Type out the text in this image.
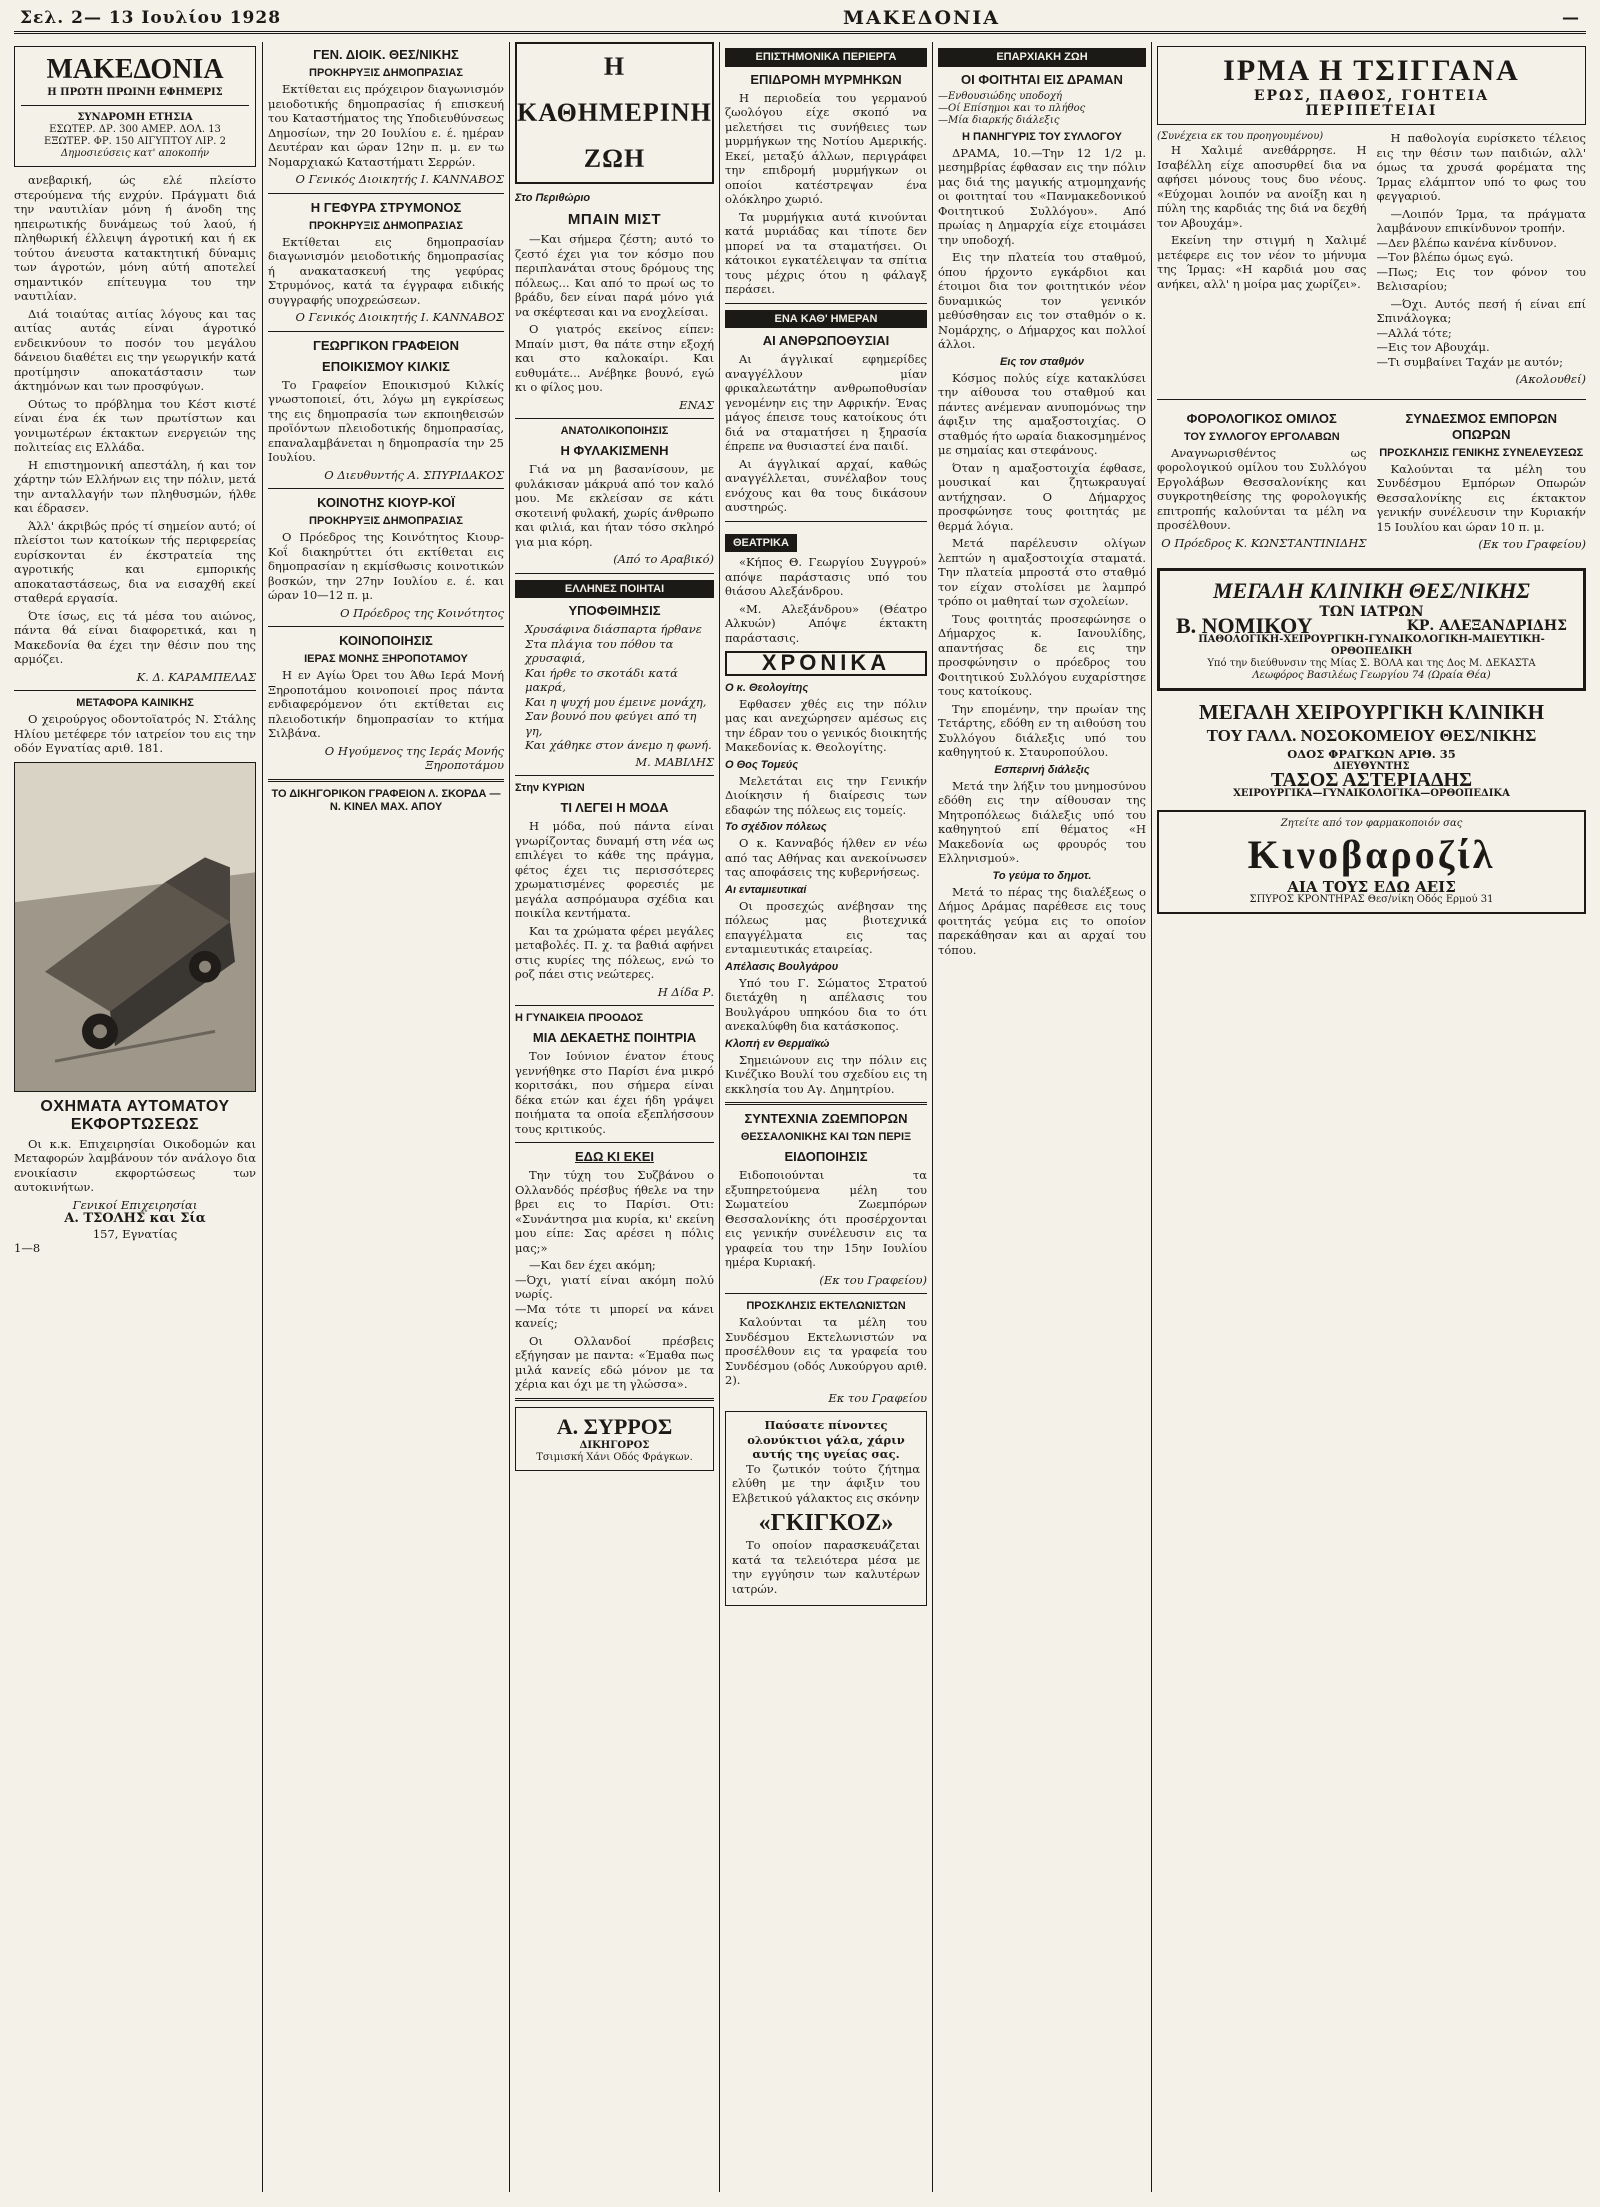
Σελ. 2— 13 Ιουλίου 1928	ΜΑΚΕΔΟΝΙΑ	—
ΜΑΚΕΔΟΝΙΑ
Η ΠΡΩΤΗ ΠΡΩΙΝΗ ΕΦΗΜΕΡΙΣ
ΣΥΝΔΡΟΜΗ ΕΤΗΣΙΑ
ΕΣΩΤΕΡ. ΔΡ. 300 ΑΜΕΡ. ΔΟΛ. 13
ΕΞΩΤΕΡ. ΦΡ. 150 ΑΙΓΥΠΤΟΥ ΛΙΡ. 2
Δημοσιεύσεις κατ' αποκοπήν

ανεβαρική, ώς ελέ πλείστο στερούμενα τής ενχρύν. Πράγματι διά την ναυτιλίαν μόνη ή άνοδη της ηπειρωτικής δυνάμεως τού λαού, ή πληθωρική έλλειψη άγροτική και ή εκ τούτου άνευστα κατακτητική δύναμις των άγροτών, μόνη αύτή αποτελεί σημαντικόν επίτευγμα του την ναυτιλίαν.

Διά τοιαύτας αιτίας λόγους και τας αιτίας αυτάς είναι άγροτικό ενδεικνύουν το ποσόν του μεγάλου δάνειου διαθέτει εις την γεωργικήν κατά προτίμησιν αποκατάστασιν των άκτημόνων και των προσφύγων.

Ούτως το πρόβλημα του Κέστ κιστέ είναι ένα έκ των πρωτίστων και γονιμωτέρων έκτακτων ενεργειών της πολιτείας εις Ελλάδα.

Η επιστημονική απεστάλη, ή και τον χάρτην τών Ελλήνων εις την πόλιν, μετά την ανταλλαγήν των πληθυσμών, ήλθε και έδρασεν.

Άλλ' άκριβώς πρός τί σημείον αυτό; οί πλείστοι των κατοίκων τής περιφερείας ευρίσκονται έν έκστρατεία της αγροτικής και εμπορικής αποκαταστάσεως, δια να εισαχθή εκεί σταθερά εργασία.

Ότε ίσως, εις τά μέσα του αιώνος, πάντα θά είναι διαφορετικά, και η Μακεδονία θα έχει την θέσιν που της αρμόζει.

Κ. Δ. ΚΑΡΑΜΠΕΛΑΣ
ΜΕΤΑΦΟΡΑ ΚΑΙΝΙΚΗΣ

Ο χειρούργος οδοντοϊατρός Ν. Στάλης Ηλίου μετέφερε τόν ιατρείον του εις την οδόν Εγνατίας αριθ. 181.

ΟΧΗΜΑΤΑ ΑΥΤΟΜΑΤΟΥ ΕΚΦΟΡΤΩΣΕΩΣ

Οι κ.κ. Επιχειρησίαι Οικοδομών και Μεταφορών λαμβάνουν τόν ανάλογο δια ενοικίασιν εκφορτώσεως των αυτοκινήτων.

Γενικοί Επιχειρησίαι
Α. ΤΣΟΛΗΣ και Σία
157, Εγνατίας
1—8
ΓΕΝ. ΔΙΟΙΚ. ΘΕΣ/ΝΙΚΗΣ
ΠΡΟΚΗΡΥΞΙΣ ΔΗΜΟΠΡΑΣΙΑΣ

Εκτίθεται εις πρόχειρον διαγωνισμόν μειοδοτικής δημοπρασίας ή επισκευή του Καταστήματος της Υποδιευθύνσεως Δημοσίων, την 20 Ιουλίου ε. έ. ημέραν Δευτέραν και ώραν 12ην π. μ. εν τω Νομαρχιακώ Καταστήματι Σερρών.

Ο Γενικός Διοικητής Ι. ΚΑΝΝΑΒΟΣ
Η ΓΕΦΥΡΑ ΣΤΡΥΜΟΝΟΣ
ΠΡΟΚΗΡΥΞΙΣ ΔΗΜΟΠΡΑΣΙΑΣ

Εκτίθεται εις δημοπρασίαν διαγωνισμόν μειοδοτικής δημοπρασίας ή ανακατασκευή της γεφύρας Στρυμόνος, κατά τα έγγραφα ειδικής συγγραφής υποχρεώσεων.

Ο Γενικός Διοικητής Ι. ΚΑΝΝΑΒΟΣ
ΓΕΩΡΓΙΚΟΝ ΓΡΑΦΕΙΟΝ
ΕΠΟΙΚΙΣΜΟΥ ΚΙΛΚΙΣ

Το Γραφείον Εποικισμού Κιλκίς γνωστοποιεί, ότι, λόγω μη εγκρίσεως της εις δημοπρασία των εκποιηθεισών προϊόντων πλειοδοτικής δημοπρασίας, επαναλαμβάνεται η δημοπρασία την 25 Ιουλίου.

Ο Διευθυντής Α. ΣΠΥΡΙΔΑΚΟΣ
ΚΟΙΝΟΤΗΣ ΚΙΟΥΡ-ΚΟΪ
ΠΡΟΚΗΡΥΞΙΣ ΔΗΜΟΠΡΑΣΙΑΣ

Ο Πρόεδρος της Κοινότητος Κιουρ-Κοΐ διακηρύττει ότι εκτίθεται εις δημοπρασίαν η εκμίσθωσις κοινοτικών βοσκών, την 27ην Ιουλίου ε. έ. και ώραν 10—12 π. μ.

Ο Πρόεδρος της Κοινότητος
ΚΟΙΝΟΠΟΙΗΣΙΣ
ΙΕΡΑΣ ΜΟΝΗΣ ΞΗΡΟΠΟΤΑΜΟΥ

Η εν Αγίω Όρει του Άθω Ιερά Μονή Ξηροποτάμου κοινοποιεί προς πάντα ενδιαφερόμενον ότι εκτίθεται εις πλειοδοτικήν δημοπρασίαν το κτήμα Σιλβάνα.

Ο Ηγούμενος της Ιεράς Μονής Ξηροποτάμου
ΤΟ ΔΙΚΗΓΟΡΙΚΟΝ ΓΡΑΦΕΙΟΝ Λ. ΣΚΟΡΔΑ — Ν. ΚΙΝΕΛ ΜΑΧ. ΑΠΟΥ
Η ΚΑΘΗΜΕΡΙΝΗ ΖΩΗ
Στο Περιθώριο
ΜΠΑΙΝ ΜΙΣΤ

—Και σήμερα ζέστη; αυτό το ζεστό έχει για τον κόσμο που περιπλανάται στους δρόμους της πόλεως... Και από το πρωί ως το βράδυ, δεν είναι παρά μόνο γιά να σκέφτεσαι και να ενοχλείσαι.

Ο γιατρός εκείνος είπεν: Μπαίν μιστ, θα πάτε στην εξοχή και στο καλοκαίρι. Και ευθυμάτε... Ανέβηκε βουνό, εγώ κι ο φίλος μου.

ΕΝΑΣ
ΑΝΑΤΟΛΙΚΟΠΟΙΗΣΙΣ
Η ΦΥΛΑΚΙΣΜΕΝΗ

Γιά να μη βασανίσουν, με φυλάκισαν μάκρυά από τον καλό μου. Με εκλείσαν σε κάτι σκοτεινή φυλακή, χωρίς άνθρωπο και φιλιά, και ήταν τόσο σκληρό για μια κόρη.

(Από το Αραβικό)
ΕΛΛΗΝΕΣ ΠΟΙΗΤΑΙ
ΥΠΟΦΘΙΜΗΣΙΣ
Χρυσάφινα διάσπαρτα ήρθανε
Στα πλάγια του πόθου τα χρυσαφιά,
Και ήρθε το σκοτάδι κατά μακρά,
Και η ψυχή μου έμεινε μονάχη,
Σαν βουνό που φεύγει από τη γη,
Και χάθηκε στον άνεμο η φωνή.
Μ. ΜΑΒΙΛΗΣ
Στην ΚΥΡΙΩΝ
ΤΙ ΛΕΓΕΙ Η ΜΟΔΑ

Η μόδα, πού πάντα είναι γνωρίζοντας δυναμή στη νέα ως επιλέγει το κάθε της πράγμα, φέτος έχει τις περισσότερες χρωματισμένες φορεσιές με μεγάλα ασπρόμαυρα σχέδια και ποικίλα κεντήματα.

Και τα χρώματα φέρει μεγάλες μεταβολές. Π. χ. τα βαθιά αφήνει στις κυρίες της πόλεως, ενώ το ροζ πάει στις νεώτερες.

Η Δίδα Ρ.
Η ΓΥΝΑΙΚΕΙΑ ΠΡΟΟΔΟΣ
ΜΙΑ ΔΕΚΑΕΤΗΣ ΠΟΙΗΤΡΙΑ

Τον Ιούνιον ένατον έτους γεννήθηκε στο Παρίσι ένα μικρό κοριτσάκι, που σήμερα είναι δέκα ετών και έχει ήδη γράψει ποιήματα τα οποία εξεπλήσσουν τους κριτικούς.

ΕΔΩ ΚΙ ΕΚΕΙ

Την τύχη του Συζβάνου ο Ολλανδός πρέσβυς ήθελε να την βρει εις το Παρίσι. Οτι: «Συνάντησα μια κυρία, κι' εκείνη μου είπε: Σας αρέσει η πόλις μας;»

—Και δεν έχει ακόμη;
—Όχι, γιατί είναι ακόμη πολύ νωρίς.
—Μα τότε τι μπορεί να κάνει κανείς;

Οι Ολλανδοί πρέσβεις εξήγησαν με παντα: «Έμαθα πως μιλά κανείς εδώ μόνον με τα χέρια και όχι με τη γλώσσα».

Α. ΣΥΡΡΟΣ
ΔΙΚΗΓΟΡΟΣ
Τσιμισκή Χάνι Οδός Φράγκων.
ΕΠΙΣΤΗΜΟΝΙΚΑ ΠΕΡΙΕΡΓΑ
ΕΠΙΔΡΟΜΗ ΜΥΡΜΗΚΩΝ

Η περιοδεία του γερμανού ζωολόγου είχε σκοπό να μελετήσει τις συνήθειες των μυρμήγκων της Νοτίου Αμερικής. Εκεί, μεταξύ άλλων, περιγράφει την επιδρομή μυρμήγκων οι οποίοι κατέστρεψαν ένα ολόκληρο χωριό.

Τα μυρμήγκια αυτά κινούνται κατά μυριάδας και τίποτε δεν μπορεί να τα σταματήσει. Οι κάτοικοι εγκατέλειψαν τα σπίτια τους μέχρις ότου η φάλαγξ περάσει.

ΕΝΑ ΚΑΘ' ΗΜΕΡΑΝ
ΑΙ ΑΝΘΡΩΠΟΘΥΣΙΑΙ

Αι άγγλικαί εφημερίδες αναγγέλλουν μίαν φρικαλεωτάτην ανθρωποθυσίαν γενομένην εις την Αφρικήν. Ένας μάγος έπεισε τους κατοίκους ότι διά να σταματήσει η ξηρασία έπρεπε να θυσιαστεί ένα παιδί.

Αι άγγλικαί αρχαί, καθώς αναγγέλλεται, συνέλαβον τους ενόχους και θα τους δικάσουν αυστηρώς.

ΘΕΑΤΡΙΚΑ

«Κήπος Θ. Γεωργίου Συγγρού» απόψε παράστασις υπό του θιάσου Αλεξάνδρου.

«Μ. Αλεξάνδρου» (Θέατρο Αλκυών) Απόψε έκτακτη παράστασις.

ΧΡΟΝΙΚΑ
Ο κ. Θεολογίτης

Εφθασεν χθές εις την πόλιν μας και ανεχώρησεν αμέσως εις την έδραν του ο γενικός διοικητής Μακεδονίας κ. Θεολογίτης.

Ο Θος Τομεύς

Μελετάται εις την Γενικήν Διοίκησιν ή διαίρεσις των εδαφών της πόλεως εις τομείς.

Το σχέδιον πόλεως

Ο κ. Κανναβός ήλθεν εν νέω από τας Αθήνας και ανεκοίνωσεν τας αποφάσεις της κυβερνήσεως.

Αι ενταμιευτικαί

Οι προσεχώς ανέβησαν της πόλεως μας βιοτεχνικά επαγγέλματα εις τας ενταμιευτικάς εταιρείας.

Απέλασις Βουλγάρου

Υπό του Γ. Σώματος Στρατού διετάχθη η απέλασις του Βουλγάρου υπηκόου δια το ότι ανεκαλύφθη δια κατάσκοπος.

Κλοπή εν Θερμαϊκώ

Σημειώνουν εις την πόλιν εις Κινέζικο Βουλί του σχεδίου εις τη εκκλησία του Αγ. Δημητρίου.

ΣΥΝΤΕΧΝΙΑ ΖΩΕΜΠΟΡΩΝ
ΘΕΣΣΑΛΟΝΙΚΗΣ ΚΑΙ ΤΩΝ ΠΕΡΙΞ
ΕΙΔΟΠΟΙΗΣΙΣ

Ειδοποιούνται τα εξυπηρετούμενα μέλη του Σωματείου Ζωεμπόρων Θεσσαλονίκης ότι προσέρχονται εις γενικήν συνέλευσιν εις τα γραφεία του την 15ην Ιουλίου ημέρα Κυριακή.

(Εκ του Γραφείου)
ΠΡΟΣΚΛΗΣΙΣ ΕΚΤΕΛΩΝΙΣΤΩΝ

Καλούνται τα μέλη του Συνδέσμου Εκτελωνιστών να προσέλθουν εις τα γραφεία του Συνδέσμου (οδός Λυκούργου αριθ. 2).

Εκ του Γραφείου

Παύσατε πίνοντες ολονύκτιοι γάλα, χάριν αυτής της υγείας σας.

Το ζωτικόν τούτο ζήτημα ελύθη με την άφιξιν του Ελβετικού γάλακτος εις σκόνην

«ΓΚΙΓΚΟΖ»

Το οποίον παρασκευάζεται κατά τα τελειότερα μέσα με την εγγύησιν των καλυτέρων ιατρών.

ΕΠΑΡΧΙΑΚΗ ΖΩΗ
ΟΙ ΦΟΙΤΗΤΑΙ ΕΙΣ ΔΡΑΜΑΝ
—Ενθουσιώδης υποδοχή
—Οί Επίσημοι και το πλήθος
—Μία διαρκής διάλεξις
Η ΠΑΝΗΓΥΡΙΣ ΤΟΥ ΣΥΛΛΟΓΟΥ

ΔΡΑΜΑ, 10.—Την 12 1/2 μ. μεσημβρίας έφθασαν εις την πόλιν μας διά της μαγικής ατμομηχανής οι φοιτηταί του «Πανμακεδονικού Φοιτητικού Συλλόγου». Από πρωίας η Δημαρχία είχε ετοιμάσει την υποδοχή.

Εις την πλατεία του σταθμού, όπου ήρχοντο εγκάρδιοι και έτοιμοι δια τον φοιτητικόν νέον δυναμικώς τον γενικόν μεθύσθησαν εις τον σταθμόν ο κ. Νομάρχης, ο Δήμαρχος και πολλοί άλλοι.

Εις τον σταθμόν

Κόσμος πολύς είχε κατακλύσει την αίθουσα του σταθμού και πάντες ανέμεναν ανυπομόνως την άφιξιν της αμαξοστοιχίας. Ο σταθμός ήτο ωραία διακοσμημένος με σημαίας και στεφάνους.

Όταν η αμαξοστοιχία έφθασε, μουσικαί και ζητωκραυγαί αντήχησαν. Ο Δήμαρχος προσφώνησε τους φοιτητάς με θερμά λόγια.

Μετά παρέλευσιν ολίγων λεπτών η αμαξοστοιχία σταματά. Την πλατεία μπροστά στο σταθμό τον είχαν στολίσει με λαμπρό τρόπο οι μαθηταί των σχολείων.

Τους φοιτητάς προσεφώνησε ο Δήμαρχος κ. Ιανουλίδης, απαντήσας δε εις την προσφώνησιν ο πρόεδρος του Φοιτητικού Συλλόγου ευχαρίστησε τους κατοίκους.

Την επομένην, την πρωίαν της Τετάρτης, εδόθη εν τη αιθούση του Συλλόγου διάλεξις υπό του καθηγητού κ. Σταυροπούλου.

Εσπερινή διάλεξις

Μετά την λήξιν του μνημοσύνου εδόθη εις την αίθουσαν της Μητροπόλεως διάλεξις υπό του καθηγητού επί θέματος «Η Μακεδονία ως φρουρός του Ελληνισμού».

Το γεύμα το δημοτ.

Μετά το πέρας της διαλέξεως ο Δήμος Δράμας παρέθεσε εις τους φοιτητάς γεύμα εις το οποίον παρεκάθησαν και αι αρχαί του τόπου.

ΙΡΜΑ Η ΤΣΙΓΓΑΝΑ
ΕΡΩΣ, ΠΑΘΟΣ, ΓΟΗΤΕΙΑ
ΠΕΡΙΠΕΤΕΙΑΙ

(Συνέχεια εκ του προηγουμένου)

Η Χαλιμέ ανεθάρρησε. Η Ισαβέλλη είχε αποσυρθεί δια να αφήσει μόνους τους δυο νέους. «Εύχομαι λοιπόν να ανοίξη και η πύλη της καρδιάς της διά να δεχθή τον Αβουχάμ».

Εκείνη την στιγμή η Χαλιμέ μετέφερε εις τον νέον το μήνυμα της Ίρμας: «Η καρδιά μου σας ανήκει, αλλ' η μοίρα μας χωρίζει».

Η παθολογία ευρίσκετο τέλειος εις την θέσιν των παιδιών, αλλ' όμως τα χρυσά φορέματα της Ίρμας ελάμπτον υπό το φως του φεγγαριού.

—Λοιπόν Ίρμα, τα πράγματα λαμβάνουν επικίνδυνον τροπήν.
—Δεν βλέπω κανένα κίνδυνον.
—Τον βλέπω όμως εγώ.
—Πως; Εις τον φόνον του Βελισαρίου;

—Όχι. Αυτός πεσή ή είναι επί Σπινάλογκα;
—Αλλά τότε;
—Εις τον Αβουχάμ.
—Τι συμβαίνει Ταχάν με αυτόν;

(Ακολουθεί)
ΦΟΡΟΛΟΓΙΚΟΣ ΟΜΙΛΟΣ
ΤΟΥ ΣΥΛΛΟΓΟΥ ΕΡΓΟΛΑΒΩΝ

Αναγνωρισθέντος ως φορολογικού ομίλου του Συλλόγου Εργολάβων Θεσσαλονίκης και συγκροτηθείσης της φορολογικής επιτροπής καλούνται τα μέλη να προσέλθουν.

Ο Πρόεδρος Κ. ΚΩΝΣΤΑΝΤΙΝΙΔΗΣ
ΣΥΝΔΕΣΜΟΣ ΕΜΠΟΡΩΝ ΟΠΩΡΩΝ
ΠΡΟΣΚΛΗΣΙΣ ΓΕΝΙΚΗΣ ΣΥΝΕΛΕΥΣΕΩΣ

Καλούνται τα μέλη του Συνδέσμου Εμπόρων Οπωρών Θεσσαλονίκης εις έκτακτον γενικήν συνέλευσιν την Κυριακήν 15 Ιουλίου και ώραν 10 π. μ.

(Εκ του Γραφείου)
ΜΕΓΑΛΗ ΚΛΙΝΙΚΗ ΘΕΣ/ΝΙΚΗΣ
ΤΩΝ ΙΑΤΡΩΝ
Β. ΝΟΜΙΚΟΥ	ΚΡ. ΑΛΕΞΑΝΔΡΙΔΗΣ
ΠΑΘΟΛΟΓΙΚΗ-ΧΕΙΡΟΥΡΓΙΚΗ-ΓΥΝΑΙΚΟΛΟΓΙΚΗ-ΜΑΙΕΥΤΙΚΗ-ΟΡΘΟΠΕΔΙΚΗ
Υπό την διεύθυνσιν της Μίας Σ. ΒΟΛΑ και της Δος Μ. ΔΕΚΑΣΤΑ
Λεωφόρος Βασιλέως Γεωργίου 74 (Ωραία Θέα)
ΜΕΓΑΛΗ ΧΕΙΡΟΥΡΓΙΚΗ ΚΛΙΝΙΚΗ
ΤΟΥ ΓΑΛΛ. ΝΟΣΟΚΟΜΕΙΟΥ ΘΕΣ/ΝΙΚΗΣ
ΟΔΟΣ ΦΡΑΓΚΩΝ ΑΡΙΘ. 35
ΔΙΕΥΘΥΝΤΗΣ
ΤΑΣΟΣ ΑΣΤΕΡΙΑΔΗΣ
ΧΕΙΡΟΥΡΓΙΚΑ—ΓΥΝΑΙΚΟΛΟΓΙΚΑ—ΟΡΘΟΠΕΔΙΚΑ
Ζητείτε από τον φαρμακοποιόν σας
Κινοβαροζίλ
ΑΙΑ ΤΟΥΣ ΕΔΩ ΑΕΙΣ
ΣΠΥΡΟΣ ΚΡΟΝΤΗΡΑΣ Θεσ/νίκη Οδός Ερμού 31
